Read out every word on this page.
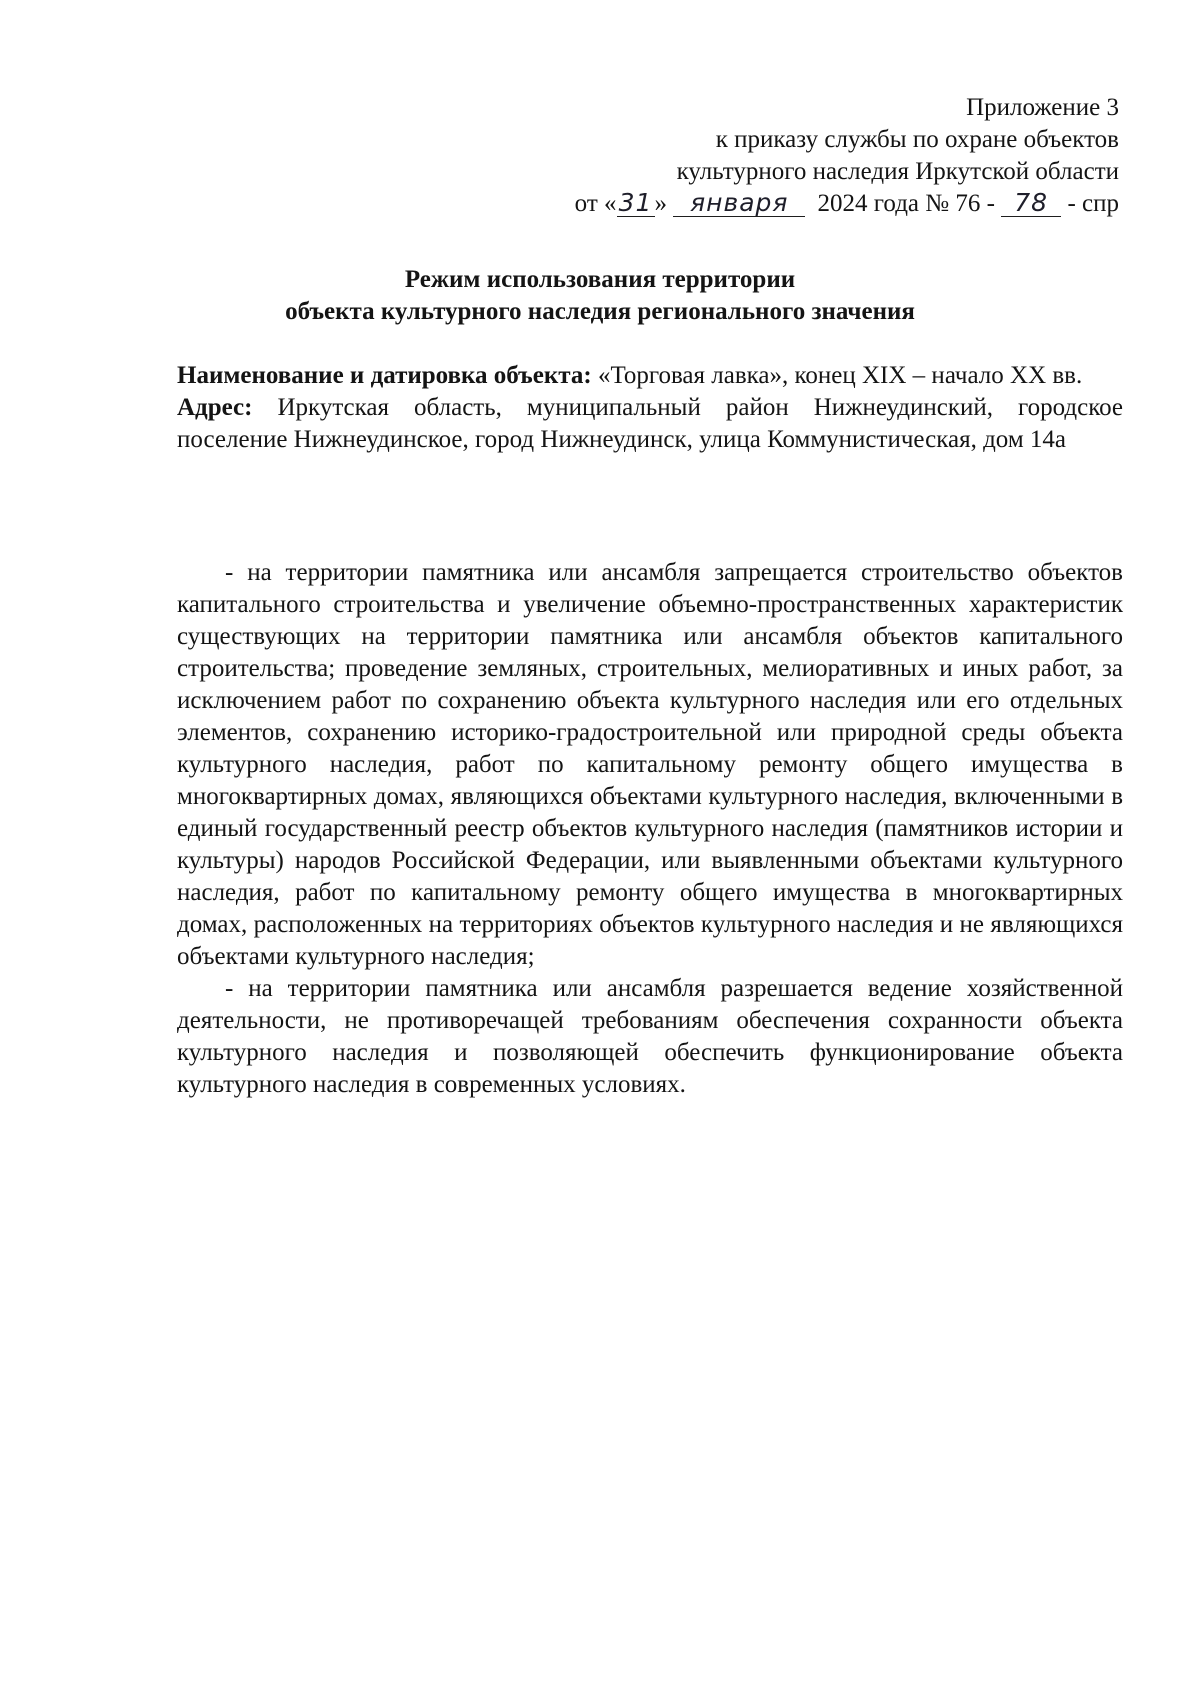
Приложение 3
к приказу службы по охране объектов
культурного наследия Иркутской области
от «31» января 2024 года № 76 - 78 - спр
Режим использования территории
объекта культурного наследия регионального значения

Наименование и датировка объекта: «Торговая лавка», конец XIX – начало XX вв.

Адрес: Иркутская область, муниципальный район Нижнеудинский, городское поселение Нижнеудинское, город Нижнеудинск, улица Коммунистическая, дом 14а

- на территории памятника или ансамбля запрещается строительство объектов капитального строительства и увеличение объемно-пространственных характеристик существующих на территории памятника или ансамбля объектов капитального строительства; проведение земляных, строительных, мелиоративных и иных работ, за исключением работ по сохранению объекта культурного наследия или его отдельных элементов, сохранению историко-градостроительной или природной среды объекта культурного наследия, работ по капитальному ремонту общего имущества в многоквартирных домах, являющихся объектами культурного наследия, включенными в единый государственный реестр объектов культурного наследия (памятников истории и культуры) народов Российской Федерации, или выявленными объектами культурного наследия, работ по капитальному ремонту общего имущества в многоквартирных домах, расположенных на территориях объектов культурного наследия и не являющихся объектами культурного наследия;

- на территории памятника или ансамбля разрешается ведение хозяйственной деятельности, не противоречащей требованиям обеспечения сохранности объекта культурного наследия и позволяющей обеспечить функционирование объекта культурного наследия в современных условиях.
